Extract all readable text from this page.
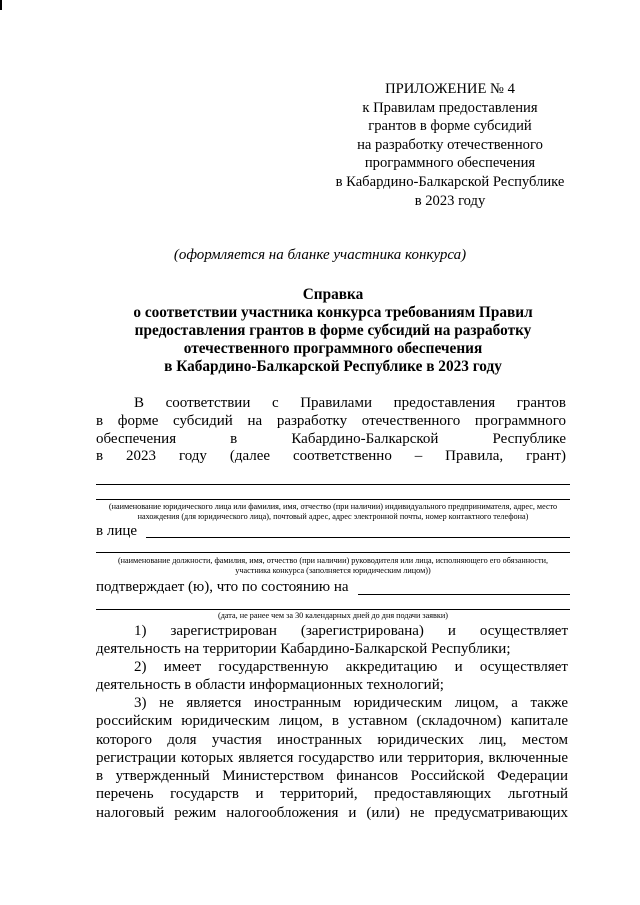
ПРИЛОЖЕНИЕ № 4
к Правилам предоставления
грантов в форме субсидий
на разработку отечественного
программного обеспечения
в Кабардино-Балкарской Республике
в 2023 году
(оформляется на бланке участника конкурса)
Справка
о соответствии участника конкурса требованиям Правил
предоставления грантов в форме субсидий на разработку
отечественного программного обеспечения
в Кабардино-Балкарской Республике в 2023 году
В соответствии с Правилами предоставления грантов
в форме субсидий на разработку отечественного программного
обеспечения в Кабардино-Балкарской Республике
в 2023 году (далее соответственно – Правила, грант)
(наименование юридического лица или фамилия, имя, отчество (при наличии) индивидуального предпринимателя, адрес, место
нахождения (для юридического лица), почтовый адрес, адрес электронной почты, номер контактного телефона)
в лице
(наименование должности, фамилия, имя, отчество (при наличии) руководителя или лица, исполняющего его обязанности,
участника конкурса (заполняется юридическим лицом))
подтверждает (ю), что по состоянию на
(дата, не ранее чем за 30 календарных дней до дня подачи заявки)
1) зарегистрирован (зарегистрирована) и осуществляет
деятельность на территории Кабардино-Балкарской Республики;
2) имеет государственную аккредитацию и осуществляет
деятельность в области информационных технологий;
3) не является иностранным юридическим лицом, а также
российским юридическим лицом, в уставном (складочном) капитале
которого доля участия иностранных юридических лиц, местом
регистрации которых является государство или территория, включенные
в утвержденный Министерством финансов Российской Федерации
перечень государств и территорий, предоставляющих льготный
налоговый режим налогообложения и (или) не предусматривающих
